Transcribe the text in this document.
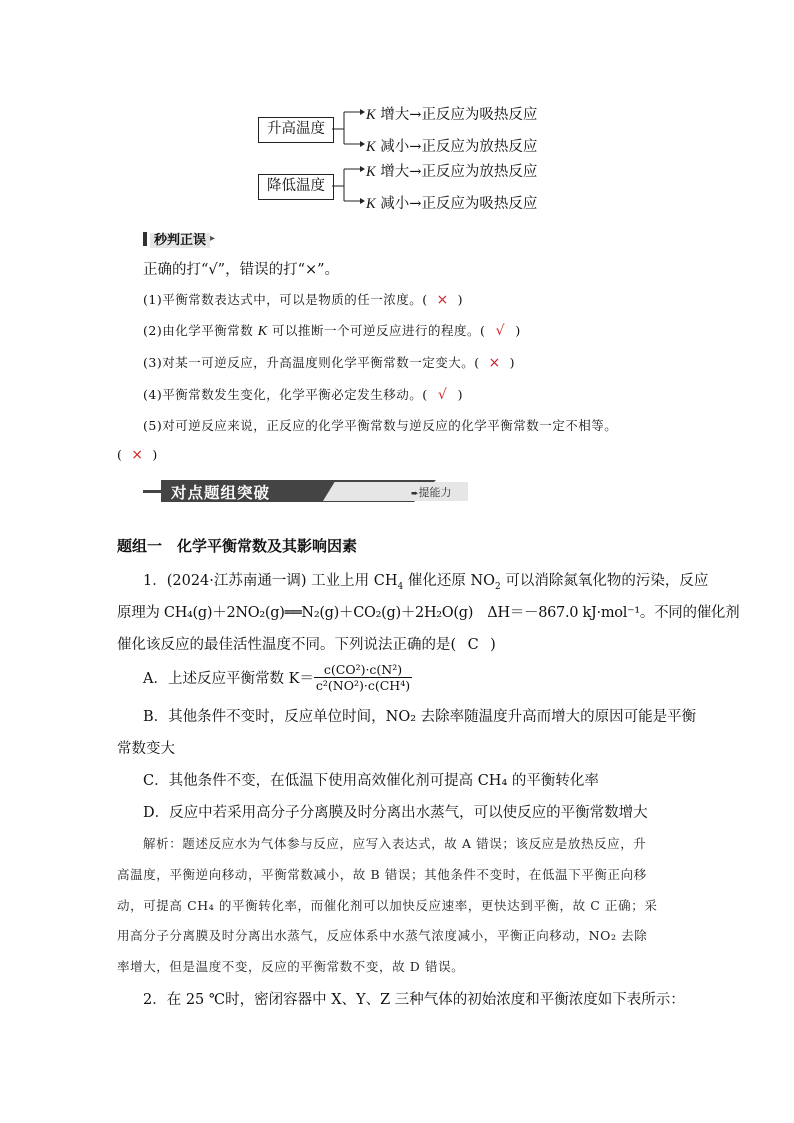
升高温度
降低温度
K 增大→正反应为吸热反应
K 减小→正反应为放热反应
K 增大→正反应为放热反应
K 减小→正反应为吸热反应
秒判正误 ▸
正确的打“√”，错误的打“×”。
(1)平衡常数表达式中，可以是物质的任一浓度。( × )
(2)由化学平衡常数 K 可以推断一个可逆反应进行的程度。( √ )
(3)对某一可逆反应，升高温度则化学平衡常数一定变大。( × )
(4)平衡常数发生变化，化学平衡必定发生移动。( √ )
(5)对可逆反应来说，正反应的化学平衡常数与逆反应的化学平衡常数一定不相等。
( × )
对点题组突破	➨提能力
题组一　化学平衡常数及其影响因素
1．(2024·江苏南通一调) 工业上用 $CH_4$ 催化还原 $NO_2$ 可以消除氮氧化物的污染，反应
原理为 CH₄(g)＋2NO₂(g)══N₂(g)＋CO₂(g)＋2H₂O(g)　ΔH＝－867.0 kJ·mol⁻¹。不同的催化剂
催化该反应的最佳活性温度不同。下列说法正确的是( C )
A．上述反应平衡常数 $K= \frac{\text{c(CO²)·c(N²)}}{\text{c²(NO²)·c(CH⁴)}}$
B．其他条件不变时，反应单位时间，NO₂ 去除率随温度升高而增大的原因可能是平衡
常数变大
C．其他条件不变，在低温下使用高效催化剂可提高 CH₄ 的平衡转化率
D．反应中若采用高分子分离膜及时分离出水蒸气，可以使反应的平衡常数增大
解析：题述反应水为气体参与反应，应写入表达式，故 A 错误；该反应是放热反应，升
高温度，平衡逆向移动，平衡常数减小，故 B 错误；其他条件不变时，在低温下平衡正向移
动，可提高 CH₄ 的平衡转化率，而催化剂可以加快反应速率，更快达到平衡，故 C 正确；采
用高分子分离膜及时分离出水蒸气，反应体系中水蒸气浓度减小，平衡正向移动，NO₂ 去除
率增大，但是温度不变，反应的平衡常数不变，故 D 错误。
2．在 25 ℃时，密闭容器中 X、Y、Z 三种气体的初始浓度和平衡浓度如下表所示：
